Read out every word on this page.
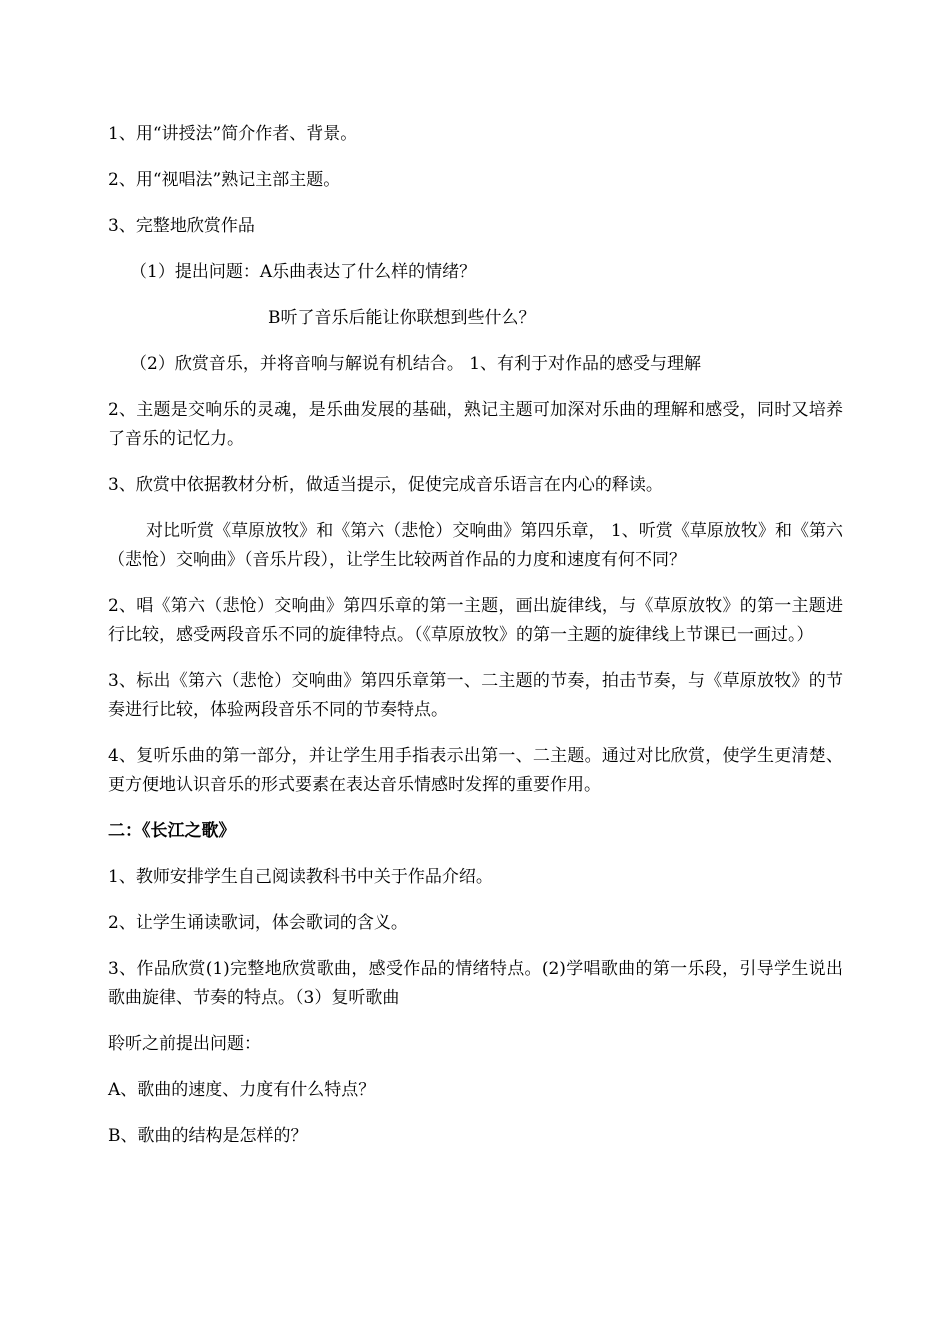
1、用“讲授法”简介作者、背景。

2、用“视唱法”熟记主部主题。

3、完整地欣赏作品

（1）提出问题：A乐曲表达了什么样的情绪？

B听了音乐后能让你联想到些什么？

（2）欣赏音乐，并将音响与解说有机结合。 1、有利于对作品的感受与理解

2、主题是交响乐的灵魂，是乐曲发展的基础，熟记主题可加深对乐曲的理解和感受，同时又培养了音乐的记忆力。

3、欣赏中依据教材分析，做适当提示，促使完成音乐语言在内心的释读。

对比听赏《草原放牧》和《第六（悲怆）交响曲》第四乐章， 1、听赏《草原放牧》和《第六（悲怆）交响曲》（音乐片段），让学生比较两首作品的力度和速度有何不同？

2、唱《第六（悲怆）交响曲》第四乐章的第一主题，画出旋律线，与《草原放牧》的第一主题进行比较，感受两段音乐不同的旋律特点。（《草原放牧》的第一主题的旋律线上节课已一画过。）

3、标出《第六（悲怆）交响曲》第四乐章第一、二主题的节奏，拍击节奏，与《草原放牧》的节奏进行比较，体验两段音乐不同的节奏特点。

4、复听乐曲的第一部分，并让学生用手指表示出第一、二主题。通过对比欣赏，使学生更清楚、更方便地认识音乐的形式要素在表达音乐情感时发挥的重要作用。

二：《长江之歌》

1、教师安排学生自己阅读教科书中关于作品介绍。

2、让学生诵读歌词，体会歌词的含义。

3、作品欣赏(1)完整地欣赏歌曲，感受作品的情绪特点。(2)学唱歌曲的第一乐段，引导学生说出歌曲旋律、节奏的特点。（3）复听歌曲

聆听之前提出问题：

A、歌曲的速度、力度有什么特点？

B、歌曲的结构是怎样的？
